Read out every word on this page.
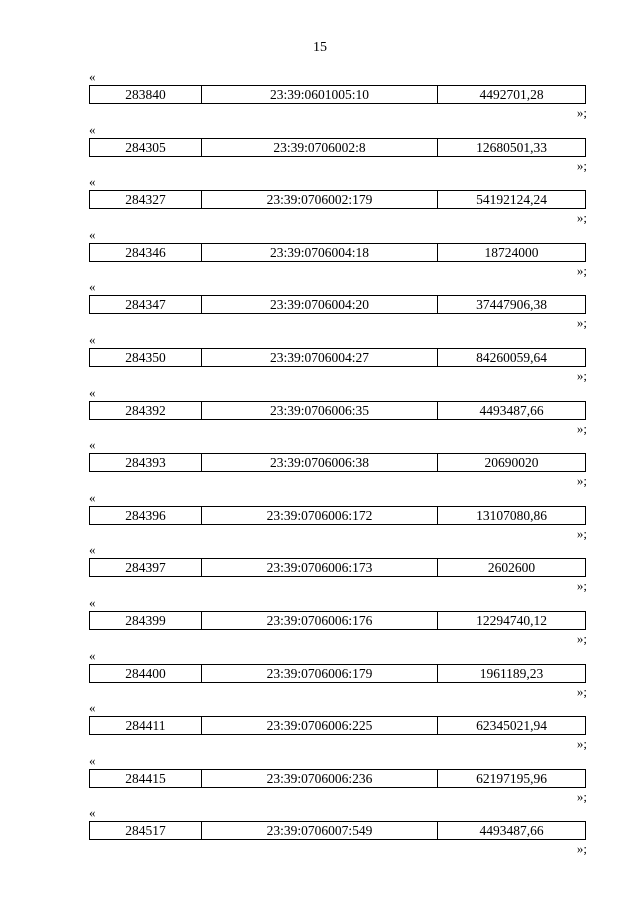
15
«
283840	23:39:0601005:10	4492701,28
»;
«
284305	23:39:0706002:8	12680501,33
»;
«
284327	23:39:0706002:179	54192124,24
»;
«
284346	23:39:0706004:18	18724000
»;
«
284347	23:39:0706004:20	37447906,38
»;
«
284350	23:39:0706004:27	84260059,64
»;
«
284392	23:39:0706006:35	4493487,66
»;
«
284393	23:39:0706006:38	20690020
»;
«
284396	23:39:0706006:172	13107080,86
»;
«
284397	23:39:0706006:173	2602600
»;
«
284399	23:39:0706006:176	12294740,12
»;
«
284400	23:39:0706006:179	1961189,23
»;
«
284411	23:39:0706006:225	62345021,94
»;
«
284415	23:39:0706006:236	62197195,96
»;
«
284517	23:39:0706007:549	4493487,66
»;
